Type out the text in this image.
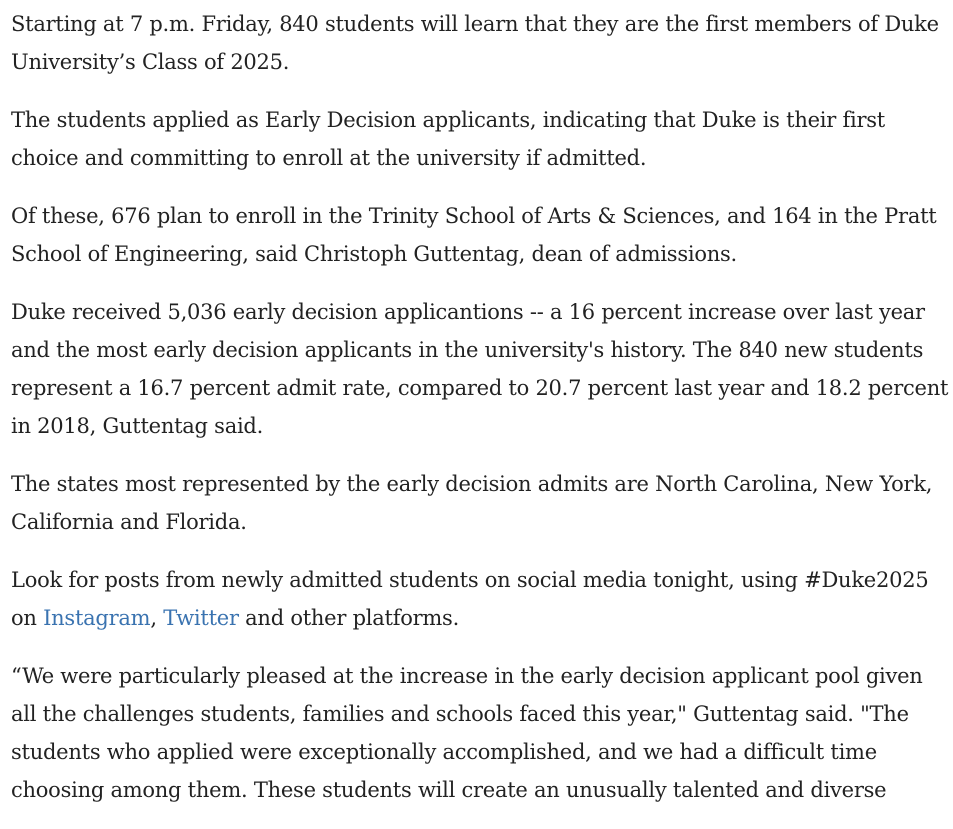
Starting at 7 p.m. Friday, 840 students will learn that they are the first members of Duke University’s Class of 2025.

The students applied as Early Decision applicants, indicating that Duke is their first choice and committing to enroll at the university if admitted.

Of these, 676 plan to enroll in the Trinity School of Arts & Sciences, and 164 in the Pratt School of Engineering, said Christoph Guttentag, dean of admissions.

Duke received 5,036 early decision applicantions -- a 16 percent increase over last year and the most early decision applicants in the university's history. The 840 new students represent a 16.7 percent admit rate, compared to 20.7 percent last year and 18.2 percent in 2018, Guttentag said.

The states most represented by the early decision admits are North Carolina, New York, California and Florida.

Look for posts from newly admitted students on social media tonight, using #Duke2025 on Instagram, Twitter and other platforms.

“We were particularly pleased at the increase in the early decision applicant pool given all the challenges students, families and schools faced this year," Guttentag said. "The students who applied were exceptionally accomplished, and we had a difficult time choosing among them. These students will create an unusually talented and diverse
